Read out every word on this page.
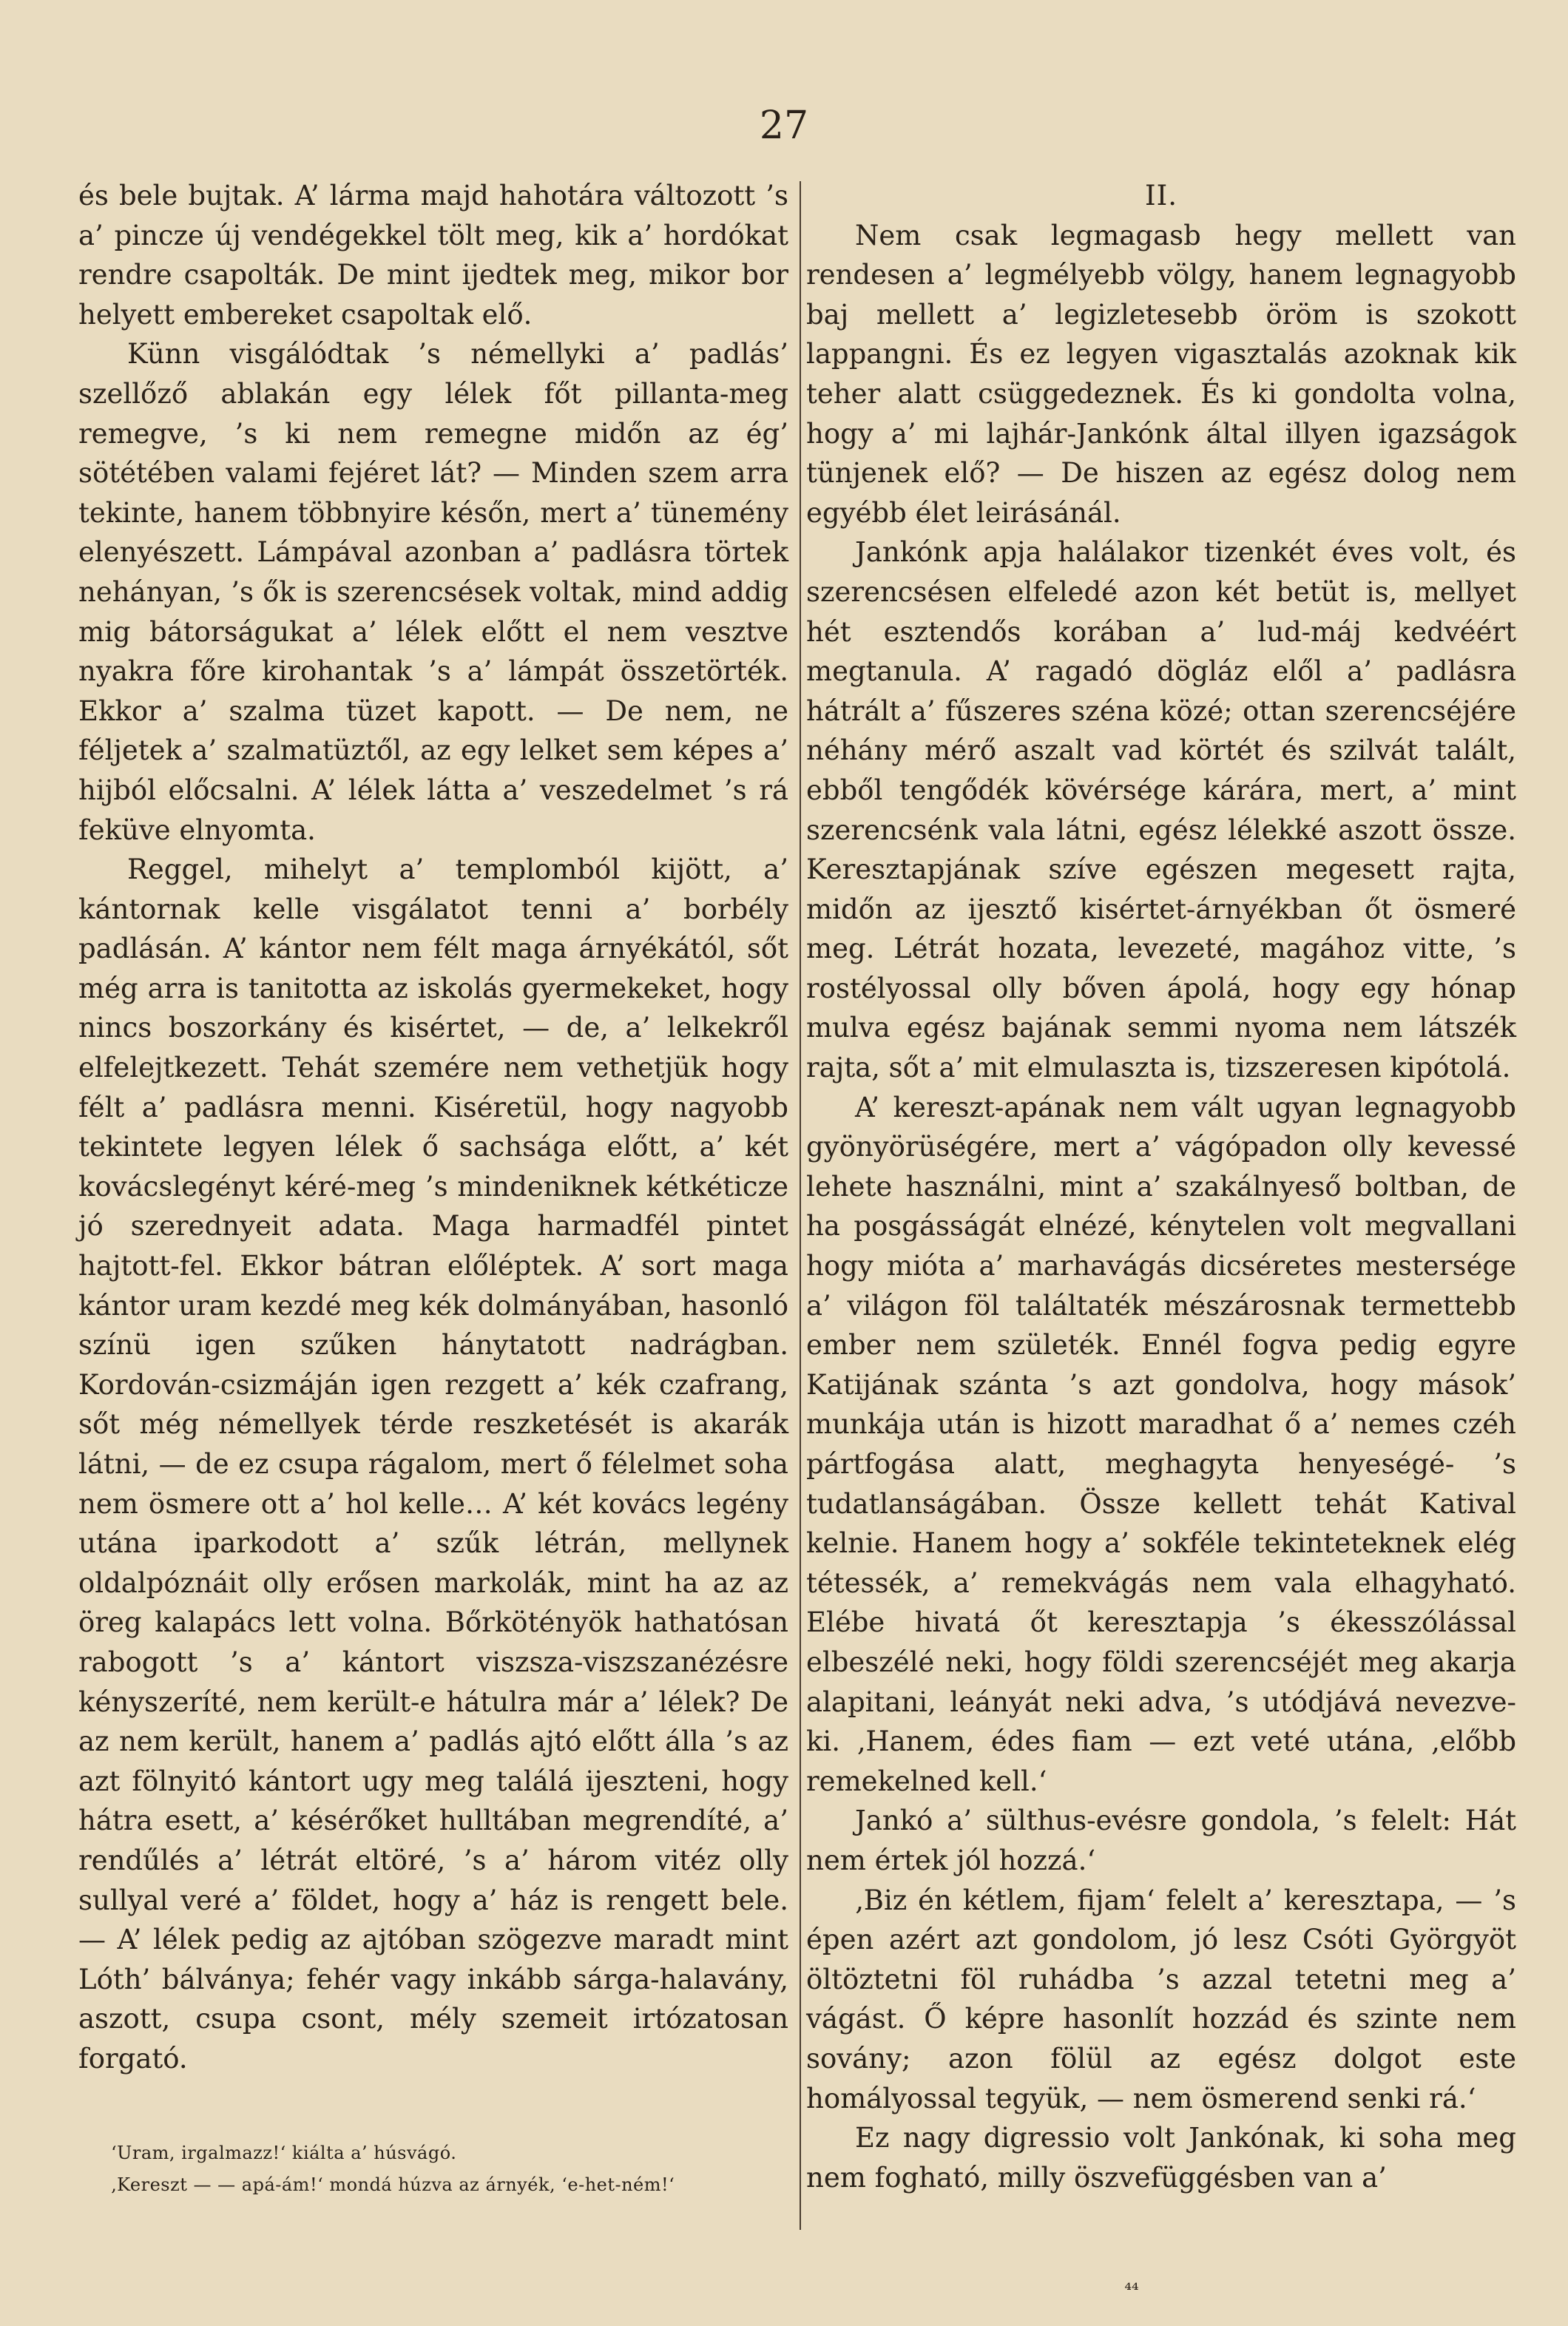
27

és bele bujtak. A’ lárma majd hahotára változott ’s a’ pincze új vendégekkel tölt meg, kik a’ hordókat rendre csapolták. De mint ijedtek meg, mikor bor helyett embereket csapoltak elő.

Künn visgálódtak ’s némellyki a’ padlás’ szellőző ablakán egy lélek főt pillanta-meg remegve, ’s ki nem remegne midőn az ég’ sötétében valami fejéret lát? — Minden szem arra tekinte, hanem többnyire későn, mert a’ tünemény elenyészett. Lámpával azonban a’ padlásra törtek nehányan, ’s ők is szerencsések voltak, mind addig mig bátorságukat a’ lélek előtt el nem vesztve nyakra főre kirohantak ’s a’ lámpát összetörték. Ekkor a’ szalma tüzet kapott. — De nem, ne féljetek a’ szalmatüztől, az egy lelket sem képes a’ hijból előcsalni. A’ lélek látta a’ veszedelmet ’s rá feküve elnyomta.

Reggel, mihelyt a’ templomból kijött, a’ kántornak kelle visgálatot tenni a’ borbély padlásán. A’ kántor nem félt maga árnyékától, sőt még arra is tanitotta az iskolás gyermekeket, hogy nincs boszorkány és kisértet, — de, a’ lelkekről elfelejtkezett. Tehát szemére nem vethetjük hogy félt a’ padlásra menni. Kiséretül, hogy nagyobb tekintete legyen lélek ő sachsága előtt, a’ két kovácslegényt kéré-meg ’s mindeniknek kétkéticze jó szerednyeit adata. Maga harmadfél pintet hajtott-fel. Ekkor bátran előléptek. A’ sort maga kántor uram kezdé meg kék dolmányában, hasonló színü igen szűken hánytatott nadrágban. Kordován-csizmáján igen rezgett a’ kék czafrang, sőt még némellyek térde reszketését is akarák látni, — de ez csupa rágalom, mert ő félelmet soha nem ösmere ott a’ hol kelle… A’ két kovács legény utána iparkodott a’ szűk létrán, mellynek oldalpóznáit olly erősen markolák, mint ha az az öreg kalapács lett volna. Bőrkötényök hathatósan rabogott ’s a’ kántort viszsza-viszszanézésre kényszeríté, nem került-e hátulra már a’ lélek? De az nem került, hanem a’ padlás ajtó előtt álla ’s az azt fölnyitó kántort ugy meg találá ijeszteni, hogy hátra esett, a’ késérőket hulltában megrendíté, a’ rendűlés a’ létrát eltöré, ’s a’ három vitéz olly sullyal veré a’ földet, hogy a’ ház is rengett bele. — A’ lélek pedig az ajtóban szögezve maradt mint Lóth’ bálványa; fehér vagy inkább sárga-halavány, aszott, csupa csont, mély szemeit irtózatosan forgató.

II.

Nem csak legmagasb hegy mellett van rendesen a’ legmélyebb völgy, hanem legnagyobb baj mellett a’ legizletesebb öröm is szokott lappangni. És ez legyen vigasztalás azoknak kik teher alatt csüggedeznek. És ki gondolta volna, hogy a’ mi lajhár-Jankónk által illyen igazságok tünjenek elő? — De hiszen az egész dolog nem egyébb élet leirásánál.

Jankónk apja halálakor tizenkét éves volt, és szerencsésen elfeledé azon két betüt is, mellyet hét esztendős korában a’ lud-máj kedvéért megtanula. A’ ragadó dögláz elől a’ padlásra hátrált a’ fűszeres széna közé; ottan szerencséjére néhány mérő aszalt vad körtét és szilvát talált, ebből tengődék kövérsége kárára, mert, a’ mint szerencsénk vala látni, egész lélekké aszott össze. Keresztapjának szíve egészen megesett rajta, midőn az ijesztő kisértet-árnyékban őt ösmeré meg. Létrát hozata, levezeté, magához vitte, ’s rostélyossal olly bőven ápolá, hogy egy hónap mulva egész bajának semmi nyoma nem látszék rajta, sőt a’ mit elmulaszta is, tizszeresen kipótolá.

A’ kereszt-apának nem vált ugyan legnagyobb gyönyörüségére, mert a’ vágópadon olly kevessé lehete használni, mint a’ szakálnyeső boltban, de ha posgásságát elnézé, kénytelen volt megvallani hogy mióta a’ marhavágás dicséretes mestersége a’ világon föl találtaték mészárosnak termettebb ember nem születék. Ennél fogva pedig egyre Katijának szánta ’s azt gondolva, hogy mások’ munkája után is hizott maradhat ő a’ nemes czéh pártfogása alatt, meghagyta henyeségé- ’s tudatlanságában. Össze kellett tehát Katival kelnie. Hanem hogy a’ sokféle tekinteteknek elég tétessék, a’ remekvágás nem vala elhagyható. Elébe hivatá őt keresztapja ’s ékesszólással elbeszélé neki, hogy földi szerencséjét meg akarja alapitani, leányát neki adva, ’s utódjává nevezve-ki. ‚Hanem, édes fiam — ezt veté utána, ‚előbb remekelned kell.‘

Jankó a’ sülthus-evésre gondola, ’s felelt: Hát nem értek jól hozzá.‘

‚Biz én kétlem, fijam‘ felelt a’ keresztapa, — ’s épen azért azt gondolom, jó lesz Csóti Györgyöt öltöztetni föl ruhádba ’s azzal tetetni meg a’ vágást. Ő képre hasonlít hozzád és szinte nem sovány; azon fölül az egész dolgot este homályossal tegyük, — nem ösmerend senki rá.‘

Ez nagy digressio volt Jankónak, ki soha meg nem fogható, milly öszvefüggésben van a’

‘Uram, irgalmazz!‘ kiálta a’ húsvágó.

‚Kereszt — — apá-ám!‘ mondá húzva az árnyék, ‘e-het-ném!‘

⁴⁴
